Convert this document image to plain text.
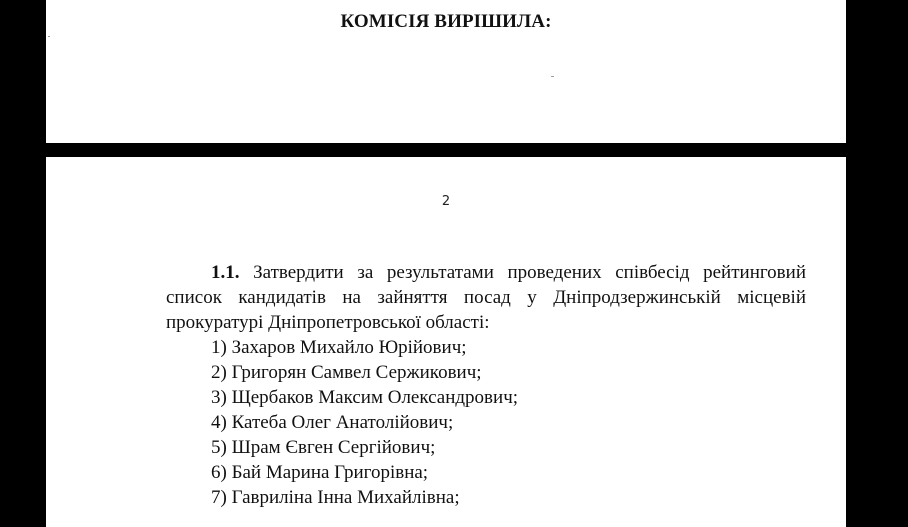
КОМІСІЯ ВИРІШИЛА:
2
1.1. Затвердити за результатами проведених співбесід рейтинговий
список кандидатів на зайняття посад у Дніпродзержинській місцевій
прокуратурі Дніпропетровської області:
1) Захаров Михайло Юрійович;
2) Григорян Самвел Сержикович;
3) Щербаков Максим Олександрович;
4) Катеба Олег Анатолійович;
5) Шрам Євген Сергійович;
6) Бай Марина Григорівна;
7) Гавриліна Інна Михайлівна;
